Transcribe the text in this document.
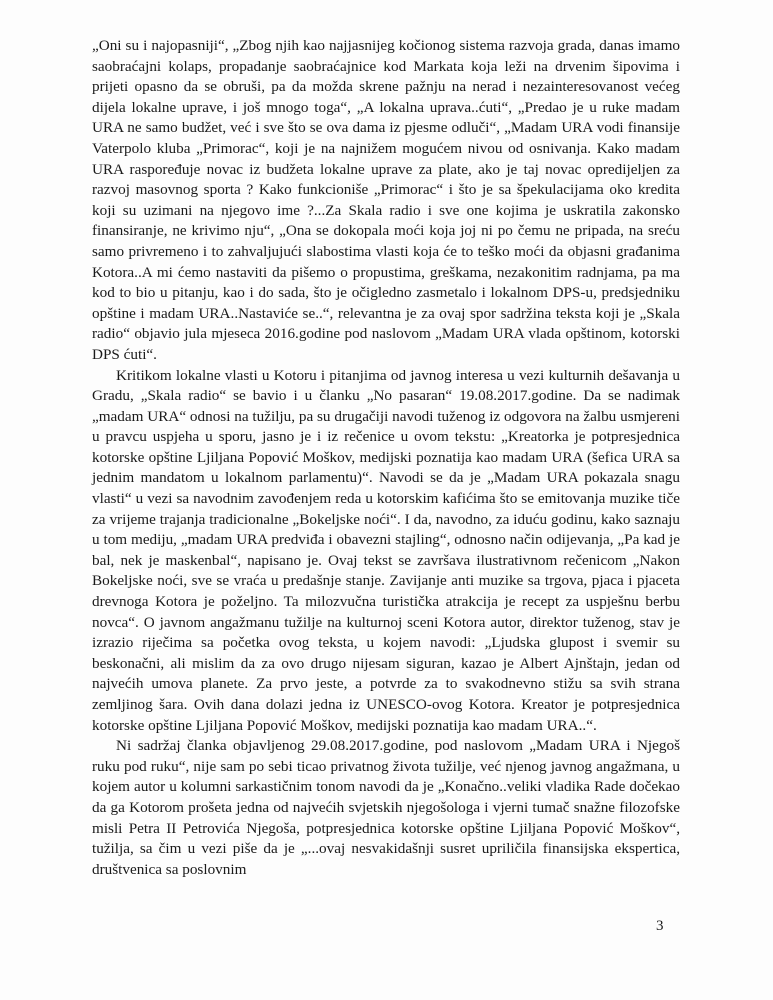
„Oni su i najopasniji“, „Zbog njih kao najjasnijeg kočionog sistema razvoja grada, danas imamo saobraćajni kolaps, propadanje saobraćajnice kod Markata koja leži na drvenim šipovima i prijeti opasno da se obruši, pa da možda skrene pažnju na nerad i nezainteresovanost većeg dijela lokalne uprave, i još mnogo toga“, „A lokalna uprava..ćuti“, „Predao je u ruke madam URA ne samo budžet, već i sve što se ova dama iz pjesme odluči“, „Madam URA vodi finansije Vaterpolo kluba „Primorac“, koji je na najnižem mogućem nivou od osnivanja. Kako madam URA raspoređuje novac iz budžeta lokalne uprave za plate, ako je taj novac opredijeljen za razvoj masovnog sporta ? Kako funkcioniše „Primorac“ i što je sa špekulacijama oko kredita koji su uzimani na njegovo ime ?...Za Skala radio i sve one kojima je uskratila zakonsko finansiranje, ne krivimo nju“, „Ona se dokopala moći koja joj ni po čemu ne pripada, na sreću samo privremeno i to zahvaljujući slabostima vlasti koja će to teško moći da objasni građanima Kotora..A mi ćemo nastaviti da pišemo o propustima, greškama, nezakonitim radnjama, pa ma kod to bio u pitanju, kao i do sada, što je očigledno zasmetalo i lokalnom DPS-u, predsjedniku opštine i madam URA..Nastaviće se..“, relevantna je za ovaj spor sadržina teksta koji je „Skala radio“ objavio jula mjeseca 2016.godine pod naslovom „Madam URA vlada opštinom, kotorski DPS ćuti“.

Kritikom lokalne vlasti u Kotoru i pitanjima od javnog interesa u vezi kulturnih dešavanja u Gradu, „Skala radio“ se bavio i u članku „No pasaran“ 19.08.2017.godine. Da se nadimak „madam URA“ odnosi na tužilju, pa su drugačiji navodi tuženog iz odgovora na žalbu usmjereni u pravcu uspjeha u sporu, jasno je i iz rečenice u ovom tekstu: „Kreatorka je potpresjednica kotorske opštine Ljiljana Popović Moškov, medijski poznatija kao madam URA (šefica URA sa jednim mandatom u lokalnom parlamentu)“. Navodi se da je „Madam URA pokazala snagu vlasti“ u vezi sa navodnim zavođenjem reda u kotorskim kafićima što se emitovanja muzike tiče za vrijeme trajanja tradicionalne „Bokeljske noći“. I da, navodno, za iduću godinu, kako saznaju u tom mediju, „madam URA predviđa i obavezni stajling“, odnosno način odijevanja, „Pa kad je bal, nek je maskenbal“, napisano je. Ovaj tekst se završava ilustrativnom rečenicom „Nakon Bokeljske noći, sve se vraća u predašnje stanje. Zavijanje anti muzike sa trgova, pjaca i pjaceta drevnoga Kotora je poželjno. Ta milozvučna turistička atrakcija je recept za uspješnu berbu novca“. O javnom angažmanu tužilje na kulturnoj sceni Kotora autor, direktor tuženog, stav je izrazio riječima sa početka ovog teksta, u kojem navodi: „Ljudska glupost i svemir su beskonačni, ali mislim da za ovo drugo nijesam siguran, kazao je Albert Ajnštajn, jedan od najvećih umova planete. Za prvo jeste, a potvrde za to svakodnevno stižu sa svih strana zemljinog šara. Ovih dana dolazi jedna iz UNESCO-ovog Kotora. Kreator je potpresjednica kotorske opštine Ljiljana Popović Moškov, medijski poznatija kao madam URA..“.

Ni sadržaj članka objavljenog 29.08.2017.godine, pod naslovom „Madam URA i Njegoš ruku pod ruku“, nije sam po sebi ticao privatnog života tužilje, već njenog javnog angažmana, u kojem autor u kolumni sarkastičnim tonom navodi da je „Konačno..veliki vladika Rade dočekao da ga Kotorom prošeta jedna od najvećih svjetskih njegošologa i vjerni tumač snažne filozofske misli Petra II Petrovića Njegoša, potpresjednica kotorske opštine Ljiljana Popović Moškov“, tužilja, sa čim u vezi piše da je „...ovaj nesvakidašnji susret upriličila finansijska ekspertica, društvenica sa poslovnim

3
